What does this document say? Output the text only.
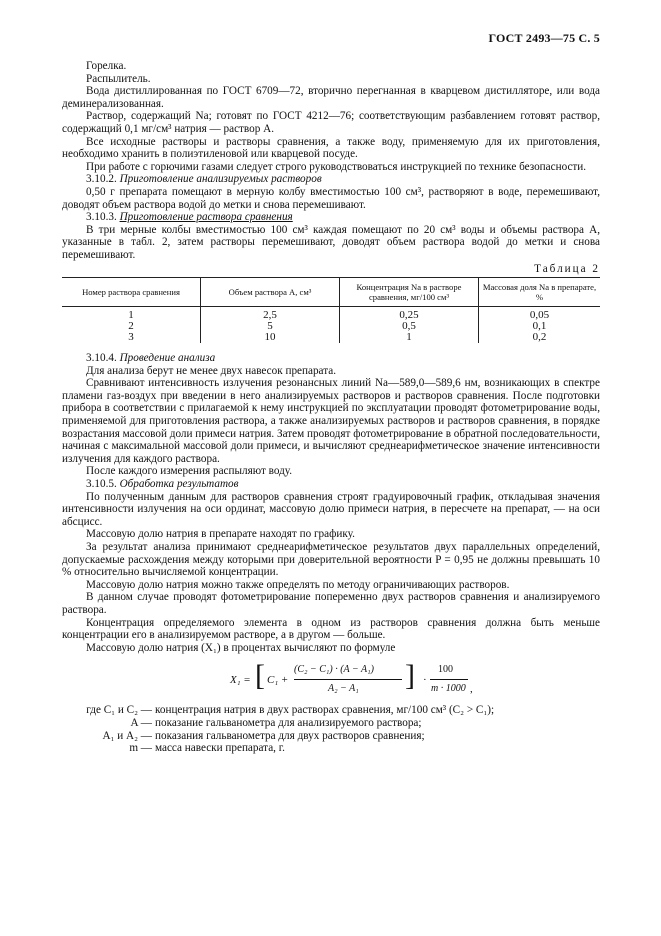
ГОСТ 2493—75 С. 5

Горелка.

Распылитель.

Вода дистиллированная по ГОСТ 6709—72, вторично перегнанная в кварцевом дистилляторе, или вода деминерализованная.

Раствор, содержащий Na; готовят по ГОСТ 4212—76; соответствующим разбавлением готовят раствор, содержащий 0,1 мг/см³ натрия — раствор А.

Все исходные растворы и растворы сравнения, а также воду, применяемую для их приготовления, необходимо хранить в полиэтиленовой или кварцевой посуде.

При работе с горючими газами следует строго руководствоваться инструкцией по технике безопасности.

3.10.2. Приготовление анализируемых растворов

0,50 г препарата помещают в мерную колбу вместимостью 100 см³, растворяют в воде, перемешивают, доводят объем раствора водой до метки и снова перемешивают.

3.10.3. Приготовление раствора сравнения

В три мерные колбы вместимостью 100 см³ каждая помещают по 20 см³ воды и объемы раствора А, указанные в табл. 2, затем растворы перемешивают, доводят объем раствора водой до метки и снова перемешивают.

Таблица 2
Номер раствора сравнения	Объем раствора А, см³	Концентрация Na в растворе сравнения, мг/100 см³	Массовая доля Na в препарате, %
1	2,5	0,25	0,05
2	5	0,5	0,1
3	10	1	0,2

3.10.4. Проведение анализа

Для анализа берут не менее двух навесок препарата.

Сравнивают интенсивность излучения резонансных линий Na—589,0—589,6 нм, возникающих в спектре пламени газ-воздух при введении в него анализируемых растворов и растворов сравнения. После подготовки прибора в соответствии с прилагаемой к нему инструкцией по эксплуатации проводят фотометрирование воды, применяемой для приготовления раствора, а также анализируемых растворов и растворов сравнения, в порядке возрастания массовой доли примеси натрия. Затем проводят фотометрирование в обратной последовательности, начиная с максимальной массовой доли примеси, и вычисляют среднеарифметическое значение интенсивности излучения для каждого раствора.

После каждого измерения распыляют воду.

3.10.5. Обработка результатов

По полученным данным для растворов сравнения строят градуировочный график, откладывая значения интенсивности излучения на оси ординат, массовую долю примеси натрия, в пересчете на препарат, — на оси абсцисс.

Массовую долю натрия в препарате находят по графику.

За результат анализа принимают среднеарифметическое результатов двух параллельных определений, допускаемые расхождения между которыми при доверительной вероятности P = 0,95 не должны превышать 10 % относительно вычисляемой концентрации.

Массовую долю натрия можно также определять по методу ограничивающих растворов.

В данном случае проводят фотометрирование попеременно двух растворов сравнения и анализируемого раствора.

Концентрация определяемого элемента в одном из растворов сравнения должна быть меньше концентрации его в анализируемом растворе, а в другом — больше.

Массовую долю натрия (X₁) в процентах вычисляют по формуле

X₁ = [ C₁ +
(C₂ − C₁) · (A − A₁)
A₂ − A₁ ] ·
100
m · 1000 ,
где C₁ и C₂ — концентрация натрия в двух растворах сравнения, мг/100 см³ (C₂ > C₁);
A — показание гальванометра для анализируемого раствора;
A₁ и A₂ — показания гальванометра для двух растворов сравнения;
m — масса навески препарата, г.
